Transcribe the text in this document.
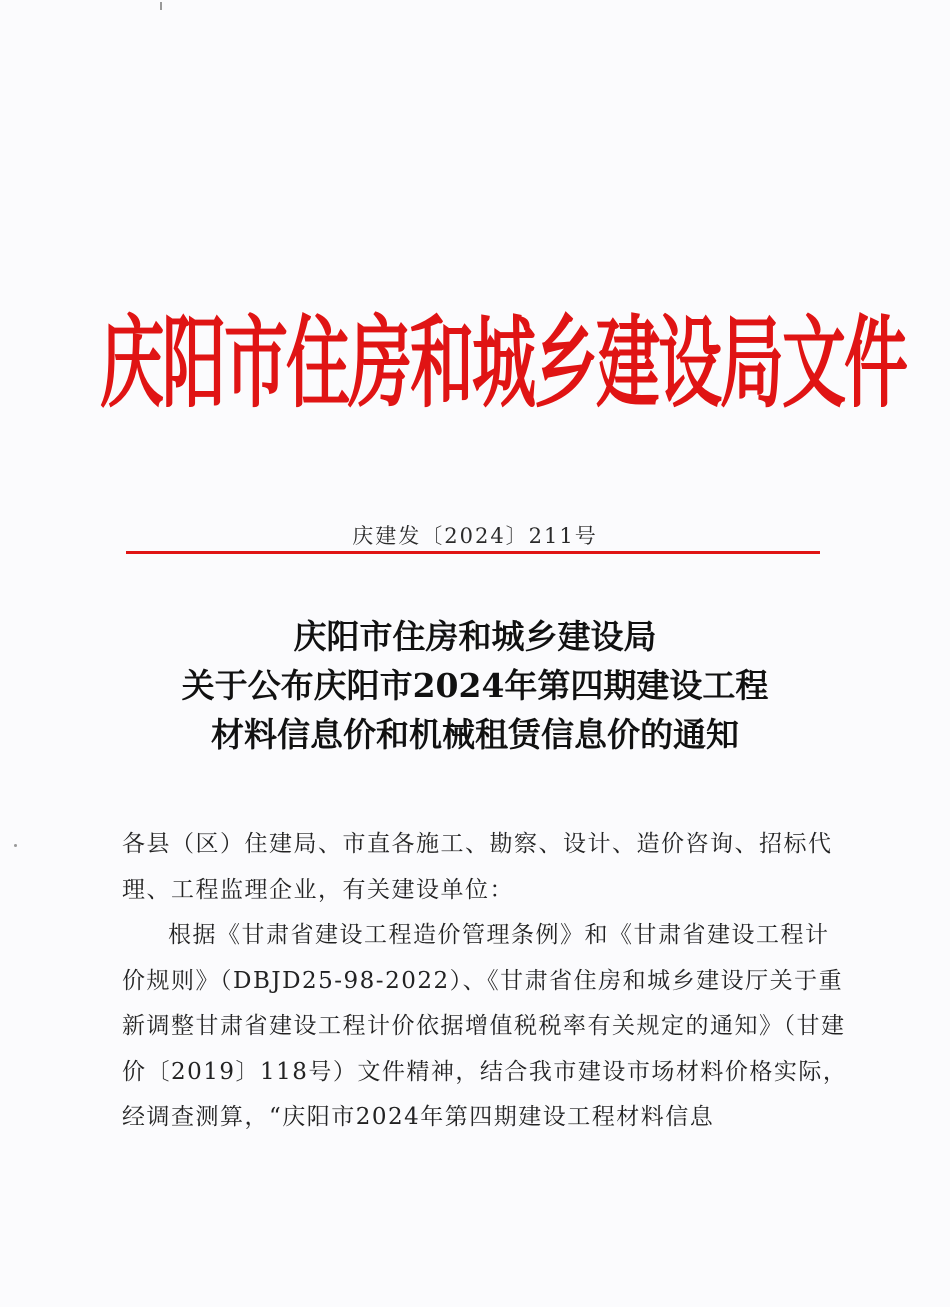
庆阳市住房和城乡建设局文件
庆建发〔2024〕211号
庆阳市住房和城乡建设局
关于公布庆阳市2024年第四期建设工程
材料信息价和机械租赁信息价的通知

各县（区）住建局、市直各施工、勘察、设计、造价咨询、招标代理、工程监理企业，有关建设单位：

根据《甘肃省建设工程造价管理条例》和《甘肃省建设工程计价规则》（DBJD25-98-2022）、《甘肃省住房和城乡建设厅关于重新调整甘肃省建设工程计价依据增值税税率有关规定的通知》（甘建价〔2019〕118号）文件精神，结合我市建设市场材料价格实际，经调查测算，“庆阳市2024年第四期建设工程材料信息
